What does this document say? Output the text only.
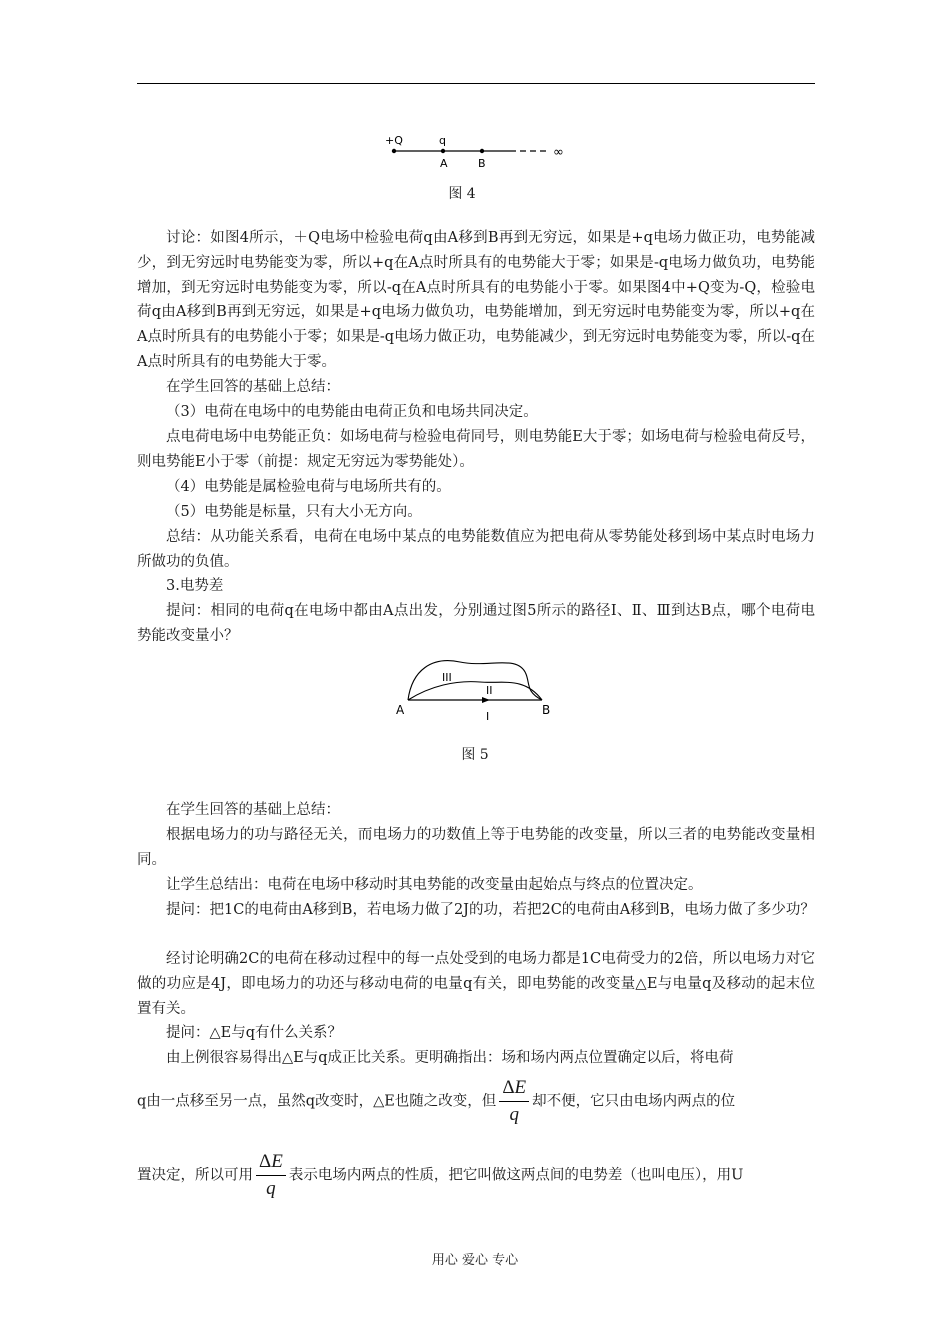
+Q	q
A	B
∞
图 4

讨论：如图4所示，＋Q电场中检验电荷q由A移到B再到无穷远，如果是+q电场力做正功，电势能减少，到无穷远时电势能变为零，所以+q在A点时所具有的电势能大于零；如果是-q电场力做负功，电势能增加，到无穷远时电势能变为零，所以-q在A点时所具有的电势能小于零。如果图4中+Q变为-Q，检验电荷q由A移到B再到无穷远，如果是+q电场力做负功，电势能增加，到无穷远时电势能变为零，所以+q在A点时所具有的电势能小于零；如果是-q电场力做正功，电势能减少，到无穷远时电势能变为零，所以-q在A点时所具有的电势能大于零。

在学生回答的基础上总结：

（3）电荷在电场中的电势能由电荷正负和电场共同决定。

点电荷电场中电势能正负：如场电荷与检验电荷同号，则电势能E大于零；如场电荷与检验电荷反号，则电势能E小于零（前提：规定无穷远为零势能处）。

（4）电势能是属检验电荷与电场所共有的。

（5）电势能是标量，只有大小无方向。

总结：从功能关系看，电荷在电场中某点的电势能数值应为把电荷从零势能处移到场中某点时电场力所做功的负值。

3.电势差

提问：相同的电荷q在电场中都由A点出发，分别通过图5所示的路径Ⅰ、Ⅱ、Ⅲ到达B点，哪个电荷电势能改变量小？

A	B
I
II
III
图 5

在学生回答的基础上总结：

根据电场力的功与路径无关，而电场力的功数值上等于电势能的改变量，所以三者的电势能改变量相同。

让学生总结出：电荷在电场中移动时其电势能的改变量由起始点与终点的位置决定。

提问：把1C的电荷由A移到B，若电场力做了2J的功，若把2C的电荷由A移到B，电场力做了多少功？

经讨论明确2C的电荷在移动过程中的每一点处受到的电场力都是1C电荷受力的2倍，所以电场力对它做的功应是4J，即电场力的功还与移动电荷的电量q有关，即电势能的改变量△E与电量q及移动的起末位置有关。

提问：△E与q有什么关系？

由上例很容易得出△E与q成正比关系。更明确指出：场和场内两点位置确定以后，将电荷

q由一点移至另一点，虽然q改变时，△E也随之改变，但 $\frac{\Delta E}{q}$ 却不便，它只由电场内两点的位
置决定，所以可用 $\frac{\Delta E}{q}$ 表示电场内两点的性质，把它叫做这两点间的电势差（也叫电压），用U
用心 爱心 专心
